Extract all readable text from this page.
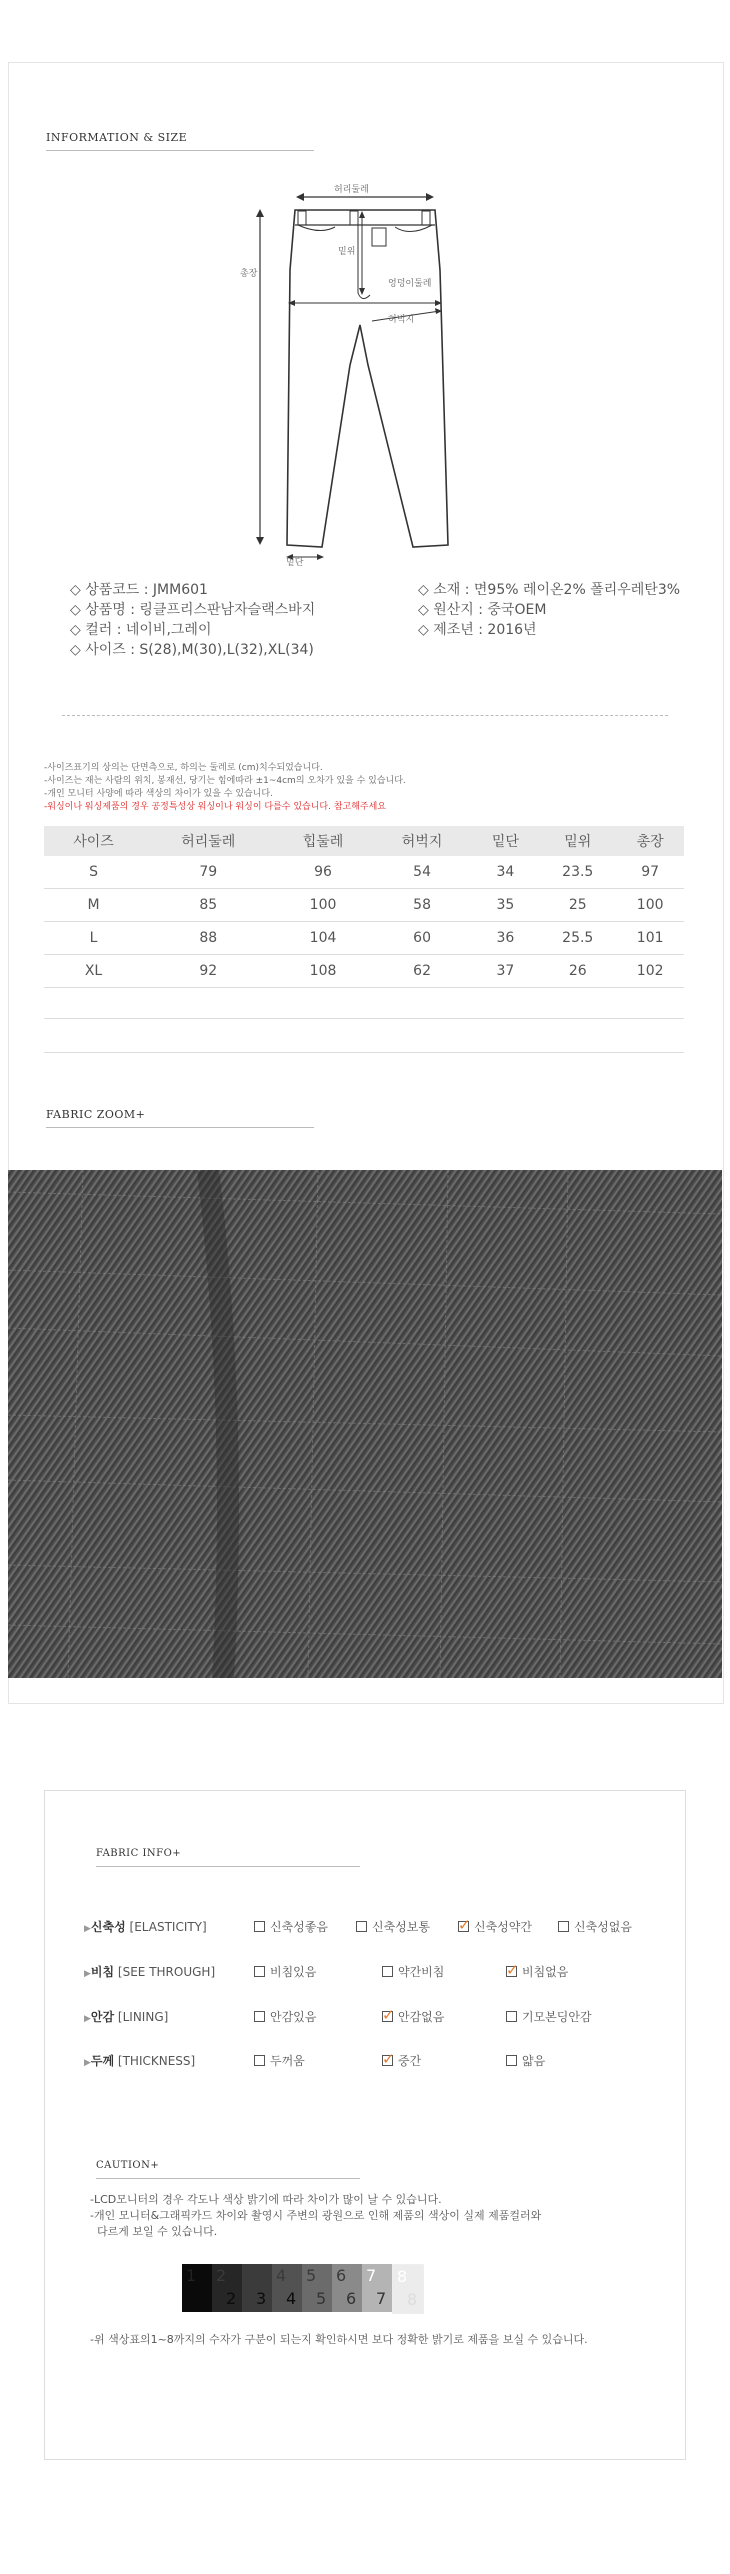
INFORMATION & SIZE
허리둘레
총장
밑위
엉덩이둘레
허벅지
밑단
◇ 상품코드 : JMM601
◇ 상품명 : 링클프리스판남자슬랙스바지
◇ 컬러 : 네이비,그레이
◇ 사이즈 : S(28),M(30),L(32),XL(34)
◇ 소재 : 면95% 레이온2% 폴리우레탄3%
◇ 원산지 : 중국OEM
◇ 제조년 : 2016년
-사이즈표기의 상의는 단면측으로, 하의는 둘레로 (cm)치수되었습니다.
-사이즈는 재는 사람의 위치, 봉재선, 당기는 힘에따라 ±1~4cm의 오차가 있을 수 있습니다.
-개인 모니터 사양에 따라 색상의 차이가 있을 수 있습니다.
-워싱이나 워싱제품의 경우 공정특성상 워싱이나 워싱이 다를수 있습니다. 참고해주세요
사이즈	허리둘레	힙둘레	허벅지	밑단	밑위	총장
S	79	96	54	34	23.5	97
M	85	100	58	35	25	100
L	88	104	60	36	25.5	101
XL	92	108	62	37	26	102
FABRIC ZOOM+
FABRIC INFO+
▶신축성 [ELASTICITY]	신축성좋음	신축성보통 ✓ 신축성약간	신축성없음
▶비침 [SEE THROUGH]	비침있음	약간비침	✓ 비침없음
▶안감 [LINING]	안감있음	✓ 안감없음	기모본딩안감
▶두께 [THICKNESS]	두꺼움	✓ 중간	얇음
CAUTION+
-LCD모니터의 경우 각도나 색상 밝기에 따라 차이가 많이 날 수 있습니다.
-개인 모니터&그래픽카드 차이와 촬영시 주변의 광원으로 인해 제품의 색상이 실제 제품컬러와
다르게 보일 수 있습니다.
1
1
2
2
3
3
4
4
5
5
6
6
7
7
8
8
-위 색상표의1~8까지의 수자가 구분이 되는지 확인하시면 보다 정확한 밝기로 제품을 보실 수 있습니다.
